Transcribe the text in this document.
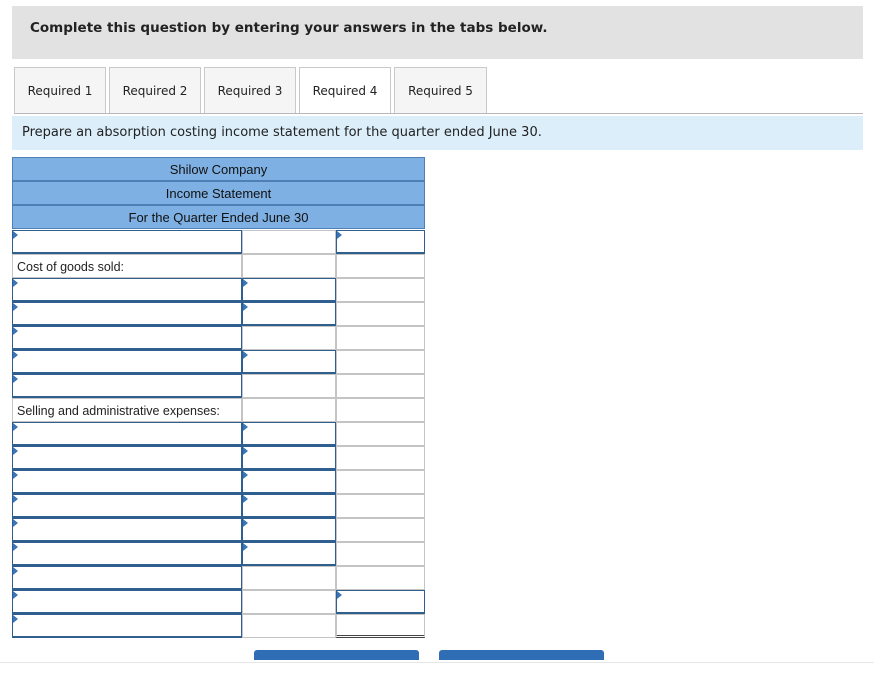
Complete this question by entering your answers in the tabs below.
Required 1	Required 2	Required 3	Required 4	Required 5
Prepare an absorption costing income statement for the quarter ended June 30.
Shilow Company
Income Statement
For the Quarter Ended June 30
Cost of goods sold:
Selling and administrative expenses:
